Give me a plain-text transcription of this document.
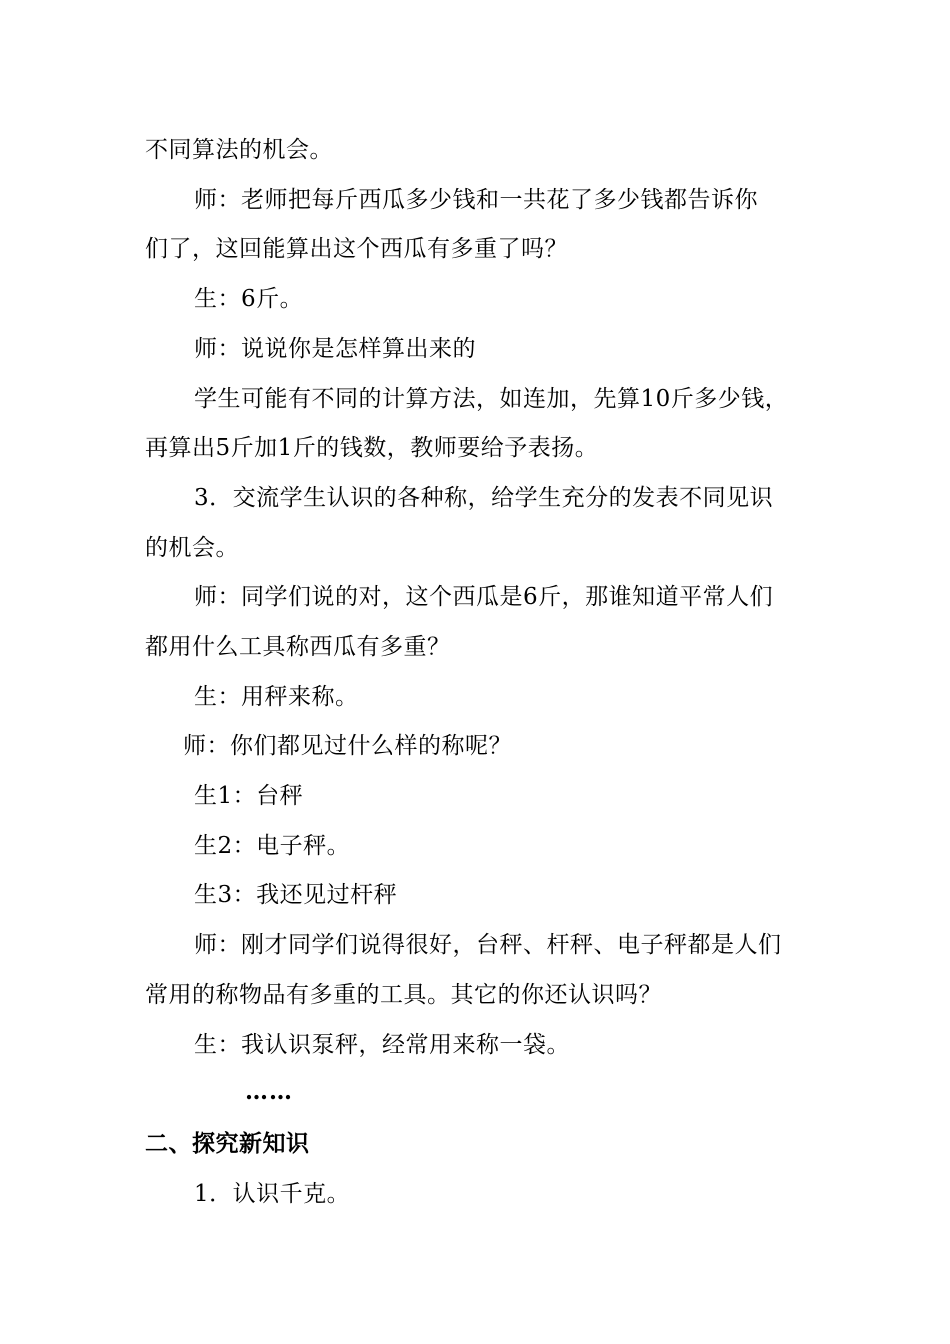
不同算法的机会。
师：老师把每斤西瓜多少钱和一共花了多少钱都告诉你
们了，这回能算出这个西瓜有多重了吗？
生：6斤。
师：说说你是怎样算出来的
学生可能有不同的计算方法，如连加，先算10斤多少钱，
再算出5斤加1斤的钱数，教师要给予表扬。
3．交流学生认识的各种称，给学生充分的发表不同见识
的机会。
师：同学们说的对，这个西瓜是6斤，那谁知道平常人们
都用什么工具称西瓜有多重？
生：用秤来称。
师：你们都见过什么样的称呢？
生1：台秤
生2：电子秤。
生3：我还见过杆秤
师：刚才同学们说得很好，台秤、杆秤、电子秤都是人们
常用的称物品有多重的工具。其它的你还认识吗？
生：我认识泵秤，经常用来称一袋。
……
二、探究新知识
1．认识千克。
